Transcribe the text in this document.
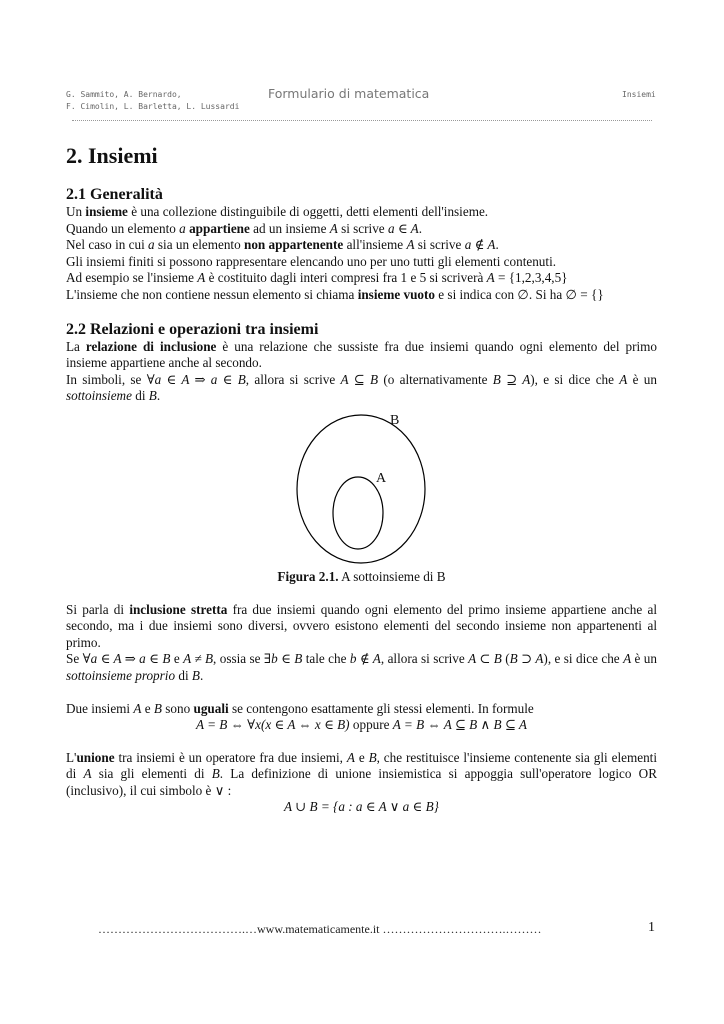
G. Sammito, A. Bernardo,
F. Cimolin, L. Barletta, L. Lussardi
Formulario di matematica	Insiemi
2. Insiemi
2.1 Generalità

Un insieme è una collezione distinguibile di oggetti, detti elementi dell'insieme.

Quando un elemento a appartiene ad un insieme A si scrive a ∈ A.

Nel caso in cui a sia un elemento non appartenente all'insieme A si scrive a ∉ A.

Gli insiemi finiti si possono rappresentare elencando uno per uno tutti gli elementi contenuti.

Ad esempio se l'insieme A è costituito dagli interi compresi fra 1 e 5 si scriverà A = {1,2,3,4,5}

L'insieme che non contiene nessun elemento si chiama insieme vuoto e si indica con ∅. Si ha ∅ = {}

2.2 Relazioni e operazioni tra insiemi

La relazione di inclusione è una relazione che sussiste fra due insiemi quando ogni elemento del primo insieme appartiene anche al secondo.

In simboli, se ∀a ∈ A ⇒ a ∈ B, allora si scrive A ⊆ B (o alternativamente B ⊇ A), e si dice che A è un sottoinsieme di B.

B
A

Figura 2.1. A sottoinsieme di B

Si parla di inclusione stretta fra due insiemi quando ogni elemento del primo insieme appartiene anche al secondo, ma i due insiemi sono diversi, ovvero esistono elementi del secondo insieme non appartenenti al primo.

Se ∀a ∈ A ⇒ a ∈ B e A ≠ B, ossia se ∃b ∈ B tale che b ∉ A, allora si scrive A ⊂ B (B ⊃ A), e si dice che A è un sottoinsieme proprio di B.

Due insiemi A e B sono uguali se contengono esattamente gli stessi elementi. In formule

A = B ⇔ ∀x(x ∈ A ⇔ x ∈ B) oppure A = B ⇔ A ⊆ B ∧ B ⊆ A

L'unione tra insiemi è un operatore fra due insiemi, A e B, che restituisce l'insieme contenente sia gli elementi di A sia gli elementi di B. La definizione di unione insiemistica si appoggia sull'operatore logico OR (inclusivo), il cui simbolo è ∨ :

A ∪ B = {a : a ∈ A ∨ a ∈ B}

……………………………….…www.matematicamente.it ………………………….………	1
